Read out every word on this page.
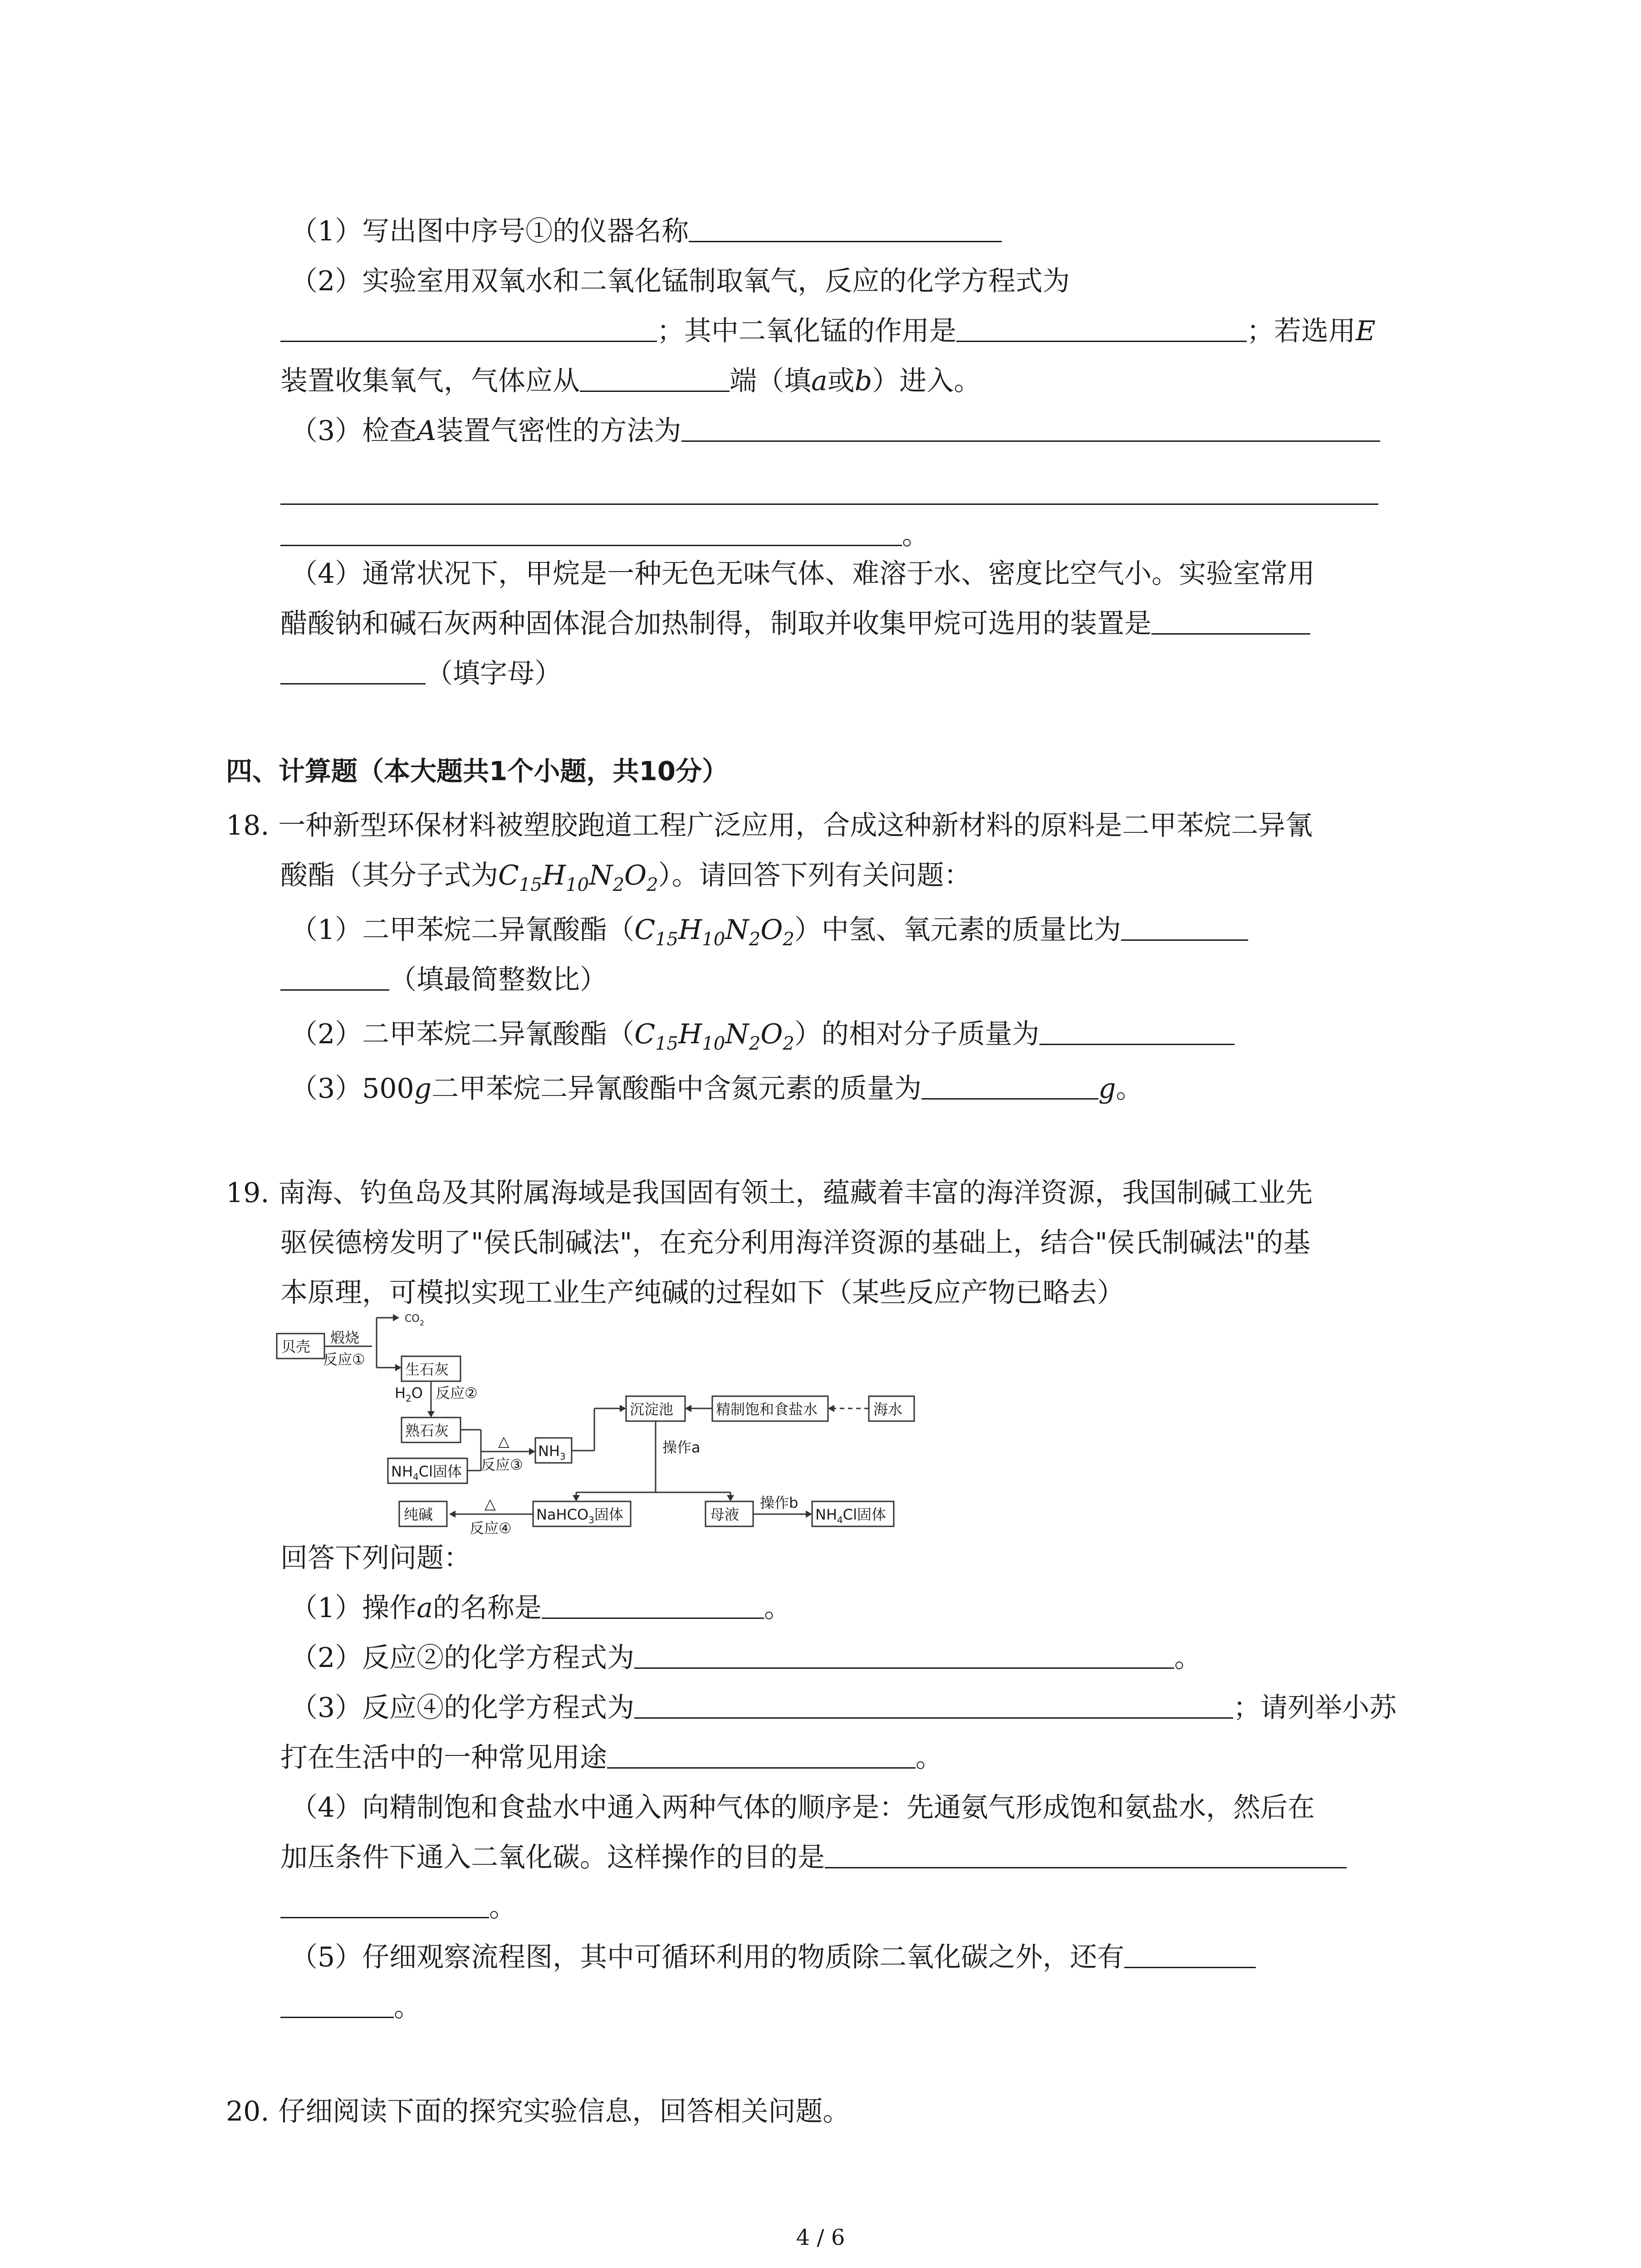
（1）写出图中序号①的仪器名称
（2）实验室用双氧水和二氧化锰制取氧气，反应的化学方程式为
；其中二氧化锰的作用是	；若选用E
装置收集氧气，气体应从	端（填a或b）进入。
（3）检查A装置气密性的方法为
。
（4）通常状况下，甲烷是一种无色无味气体、难溶于水、密度比空气小。实验室常用
醋酸钠和碱石灰两种固体混合加热制得，制取并收集甲烷可选用的装置是
（填字母）
四、计算题（本大题共1个小题，共10分）
18. 一种新型环保材料被塑胶跑道工程广泛应用，合成这种新材料的原料是二甲苯烷二异氰
酸酯（其分子式为$C_{15}H_{10}N_2O_2$）。请回答下列有关问题：
（1）二甲苯烷二异氰酸酯$(C_{15}H_{10}N_2O_2)$中氢、氧元素的质量比为
（填最简整数比）
（2）二甲苯烷二异氰酸酯$(C_{15}H_{10}N_2O_2)$的相对分子质量为
（3）500g二甲苯烷二异氰酸酯中含氮元素的质量为	g。
19. 南海、钓鱼岛及其附属海域是我国固有领土，蕴藏着丰富的海洋资源，我国制碱工业先
驱侯德榜发明了"侯氏制碱法"，在充分利用海洋资源的基础上，结合"侯氏制碱法"的基
本原理，可模拟实现工业生产纯碱的过程如下（某些反应产物已略去）
贝壳
煅烧
反应①
$CO_2$
生石灰
$H_2O$ 反应②
熟石灰
$NH_4Cl$固体
△
反应③
$NH_3$
沉淀池	精制饱和食盐水	海水
操作a
NaHCO$_3$固体
△
反应④
纯碱	母液
操作b
$NH_4Cl$固体
回答下列问题：
（1）操作a的名称是	。
（2）反应②的化学方程式为	。
（3）反应④的化学方程式为	；请列举小苏
打在生活中的一种常见用途	。
（4）向精制饱和食盐水中通入两种气体的顺序是：先通氨气形成饱和氨盐水，然后在
加压条件下通入二氧化碳。这样操作的目的是
。
（5）仔细观察流程图，其中可循环利用的物质除二氧化碳之外，还有
。
20. 仔细阅读下面的探究实验信息，回答相关问题。
4 / 6
